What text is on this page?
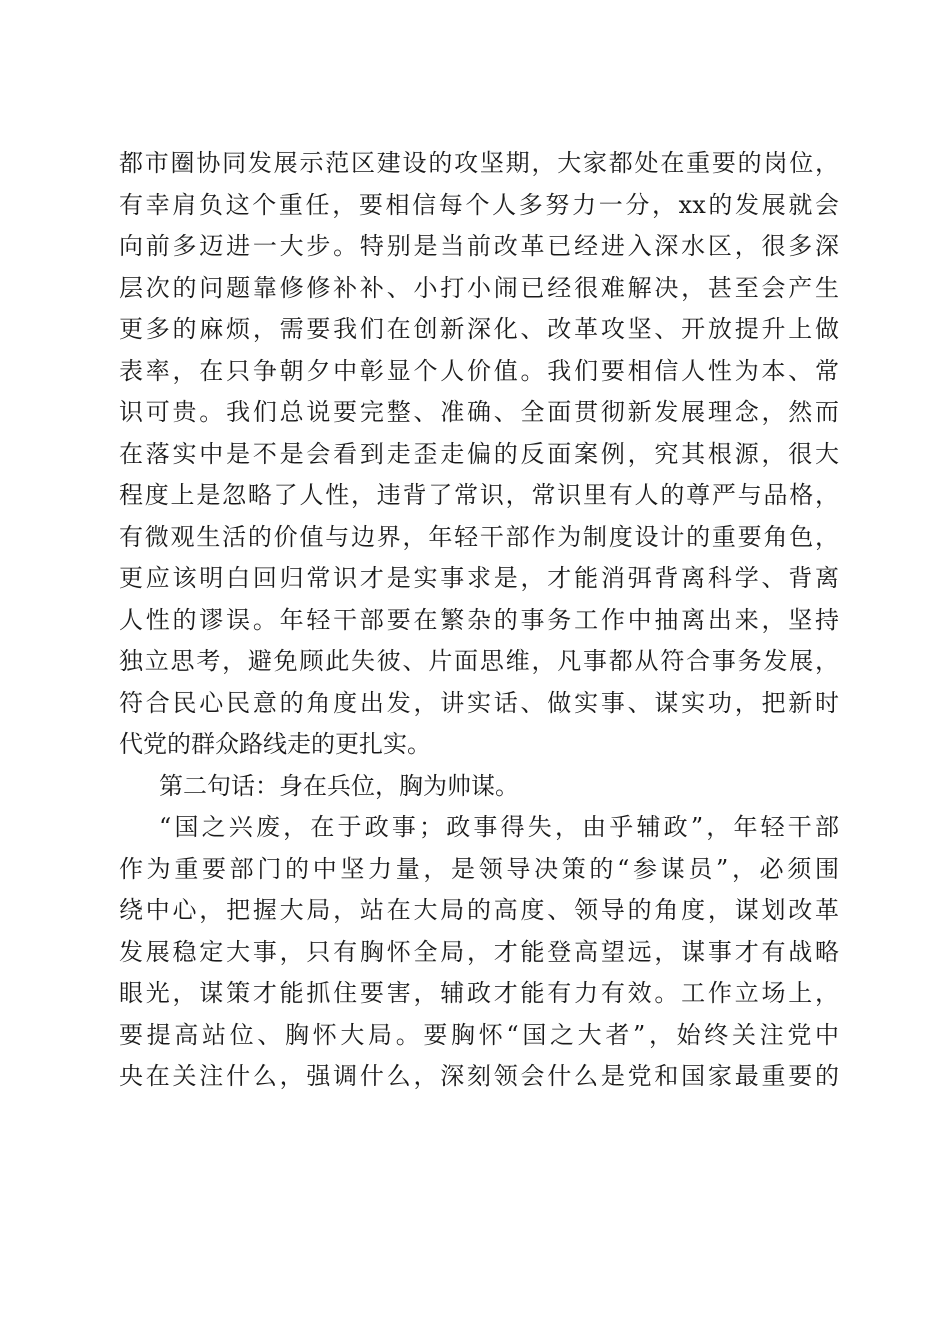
都市圈协同发展示范区建设的攻坚期，大家都处在重要的岗位，
有幸肩负这个重任，要相信每个人多努力一分，xx的发展就会
向前多迈进一大步。特别是当前改革已经进入深水区，很多深
层次的问题靠修修补补、小打小闹已经很难解决，甚至会产生
更多的麻烦，需要我们在创新深化、改革攻坚、开放提升上做
表率，在只争朝夕中彰显个人价值。我们要相信人性为本、常
识可贵。我们总说要完整、准确、全面贯彻新发展理念，然而
在落实中是不是会看到走歪走偏的反面案例，究其根源，很大
程度上是忽略了人性，违背了常识，常识里有人的尊严与品格，
有微观生活的价值与边界，年轻干部作为制度设计的重要角色，
更应该明白回归常识才是实事求是，才能消弭背离科学、背离
人性的谬误。年轻干部要在繁杂的事务工作中抽离出来，坚持
独立思考，避免顾此失彼、片面思维，凡事都从符合事务发展，
符合民心民意的角度出发，讲实话、做实事、谋实功，把新时
代党的群众路线走的更扎实。
第二句话：身在兵位，胸为帅谋。
“国之兴废，在于政事；政事得失，由乎辅政”，年轻干部
作为重要部门的中坚力量，是领导决策的“参谋员”，必须围
绕中心，把握大局，站在大局的高度、领导的角度，谋划改革
发展稳定大事，只有胸怀全局，才能登高望远，谋事才有战略
眼光，谋策才能抓住要害，辅政才能有力有效。工作立场上，
要提高站位、胸怀大局。要胸怀“国之大者”，始终关注党中
央在关注什么，强调什么，深刻领会什么是党和国家最重要的
